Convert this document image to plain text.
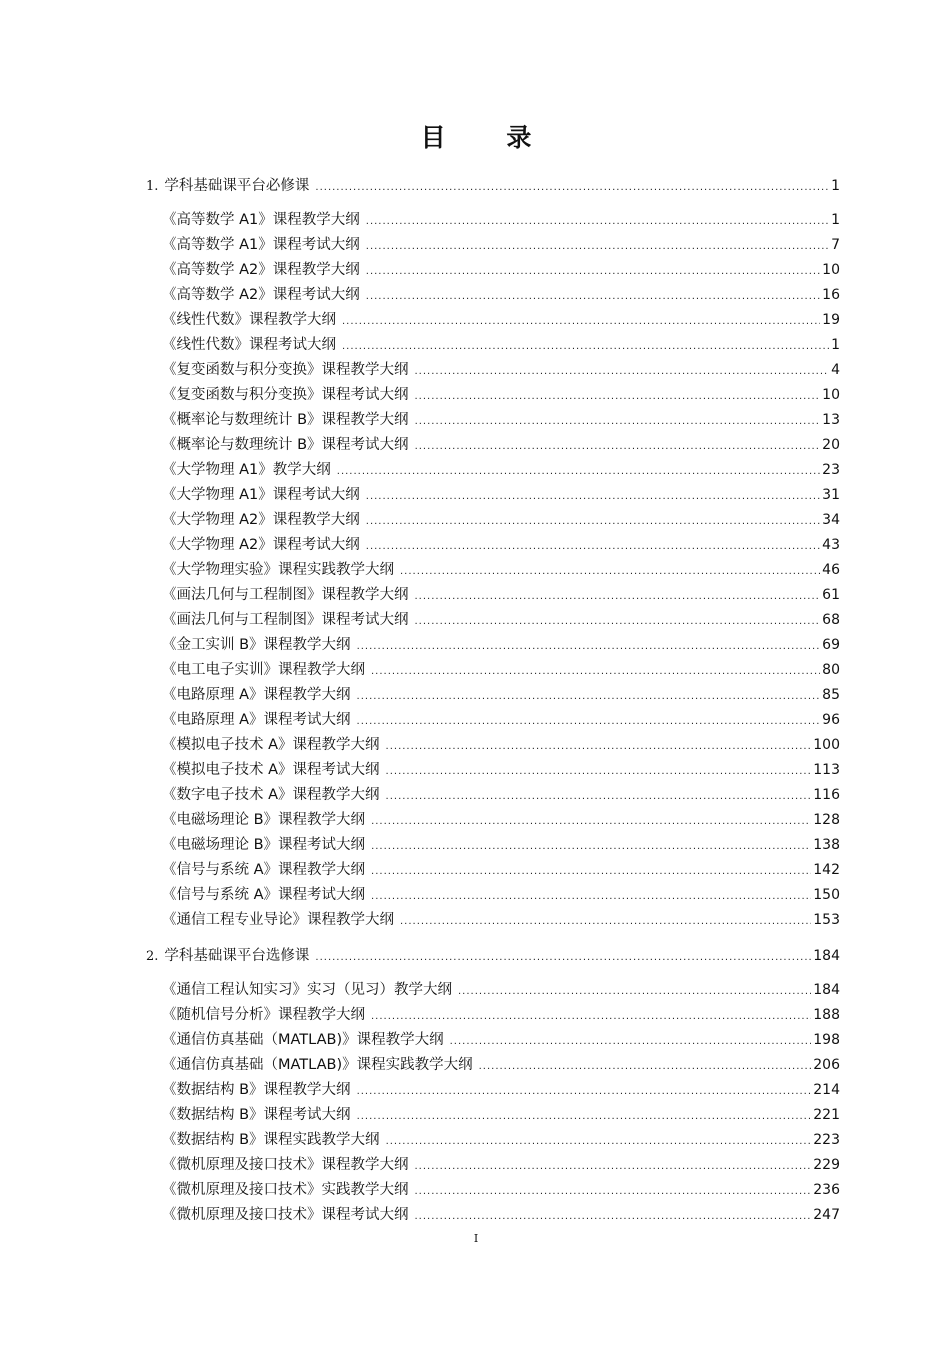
目 录
1. 学科基础课平台必修课 .....	1
《高等数学 A1》课程教学大纲 .....	1
《高等数学 A1》课程考试大纲 .....	7
《高等数学 A2》课程教学大纲 .....	10
《高等数学 A2》课程考试大纲 .....	16
《线性代数》课程教学大纲 .....	19
《线性代数》课程考试大纲 .....	1
《复变函数与积分变换》课程教学大纲 .....	4
《复变函数与积分变换》课程考试大纲 .....	10
《概率论与数理统计 B》课程教学大纲 .....	13
《概率论与数理统计 B》课程考试大纲 .....	20
《大学物理 A1》教学大纲 .....	23
《大学物理 A1》课程考试大纲 .....	31
《大学物理 A2》课程教学大纲 .....	34
《大学物理 A2》课程考试大纲 .....	43
《大学物理实验》课程实践教学大纲 .....	46
《画法几何与工程制图》课程教学大纲 .....	61
《画法几何与工程制图》课程考试大纲 .....	68
《金工实训 B》课程教学大纲 .....	69
《电工电子实训》课程教学大纲 .....	80
《电路原理 A》课程教学大纲 .....	85
《电路原理 A》课程考试大纲 .....	96
《模拟电子技术 A》课程教学大纲 .....	100
《模拟电子技术 A》课程考试大纲 .....	113
《数字电子技术 A》课程教学大纲 .....	116
《电磁场理论 B》课程教学大纲 .....	128
《电磁场理论 B》课程考试大纲 .....	138
《信号与系统 A》课程教学大纲 .....	142
《信号与系统 A》课程考试大纲 .....	150
《通信工程专业导论》课程教学大纲 .....	153
2. 学科基础课平台选修课 .....	184
《通信工程认知实习》实习（见习）教学大纲 .....	184
《随机信号分析》课程教学大纲 .....	188
《通信仿真基础（MATLAB)》课程教学大纲 .....	198
《通信仿真基础（MATLAB)》课程实践教学大纲 .....	206
《数据结构 B》课程教学大纲 .....	214
《数据结构 B》课程考试大纲 .....	221
《数据结构 B》课程实践教学大纲 .....	223
《微机原理及接口技术》课程教学大纲 .....	229
《微机原理及接口技术》实践教学大纲 .....	236
《微机原理及接口技术》课程考试大纲 .....	247
I
